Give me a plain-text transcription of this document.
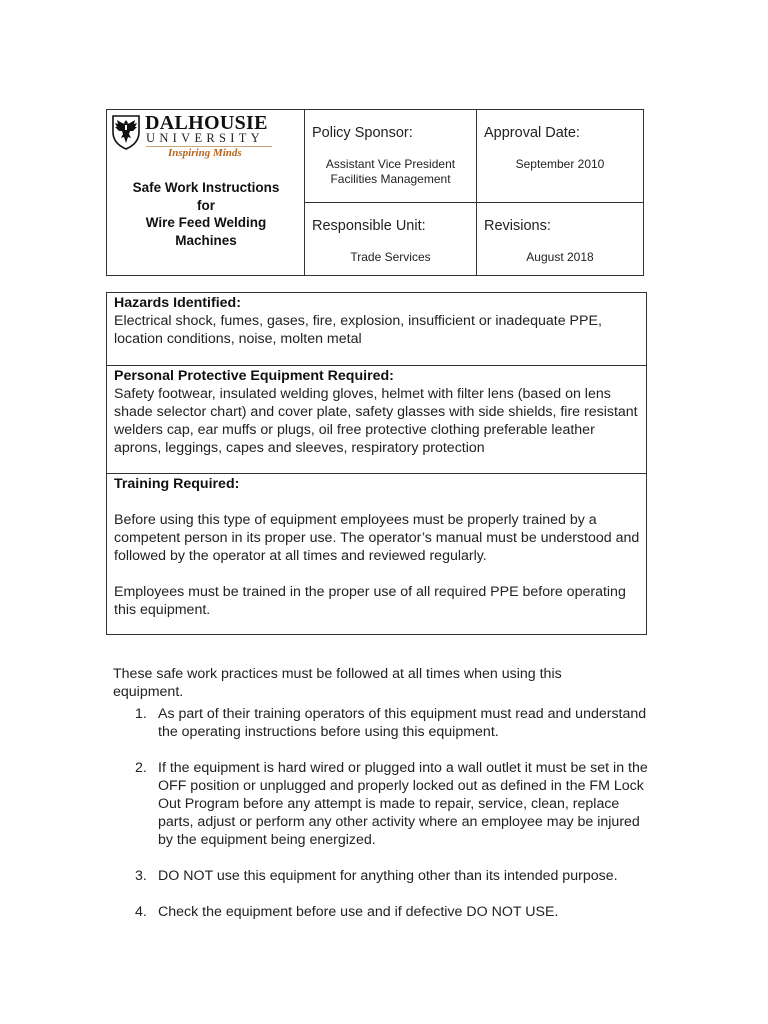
DALHOUSIE
UNIVERSITY
Inspiring Minds
Safe Work Instructions
for
Wire Feed Welding
Machines
Policy Sponsor:
Assistant Vice President
Facilities Management
Approval Date:
September 2010
Responsible Unit:
Trade Services
Revisions:
August 2018
Hazards Identified:

Electrical shock, fumes, gases, fire, explosion, insufficient or inadequate PPE, location conditions, noise, molten metal

Personal Protective Equipment Required:

Safety footwear, insulated welding gloves, helmet with filter lens (based on lens shade selector chart) and cover plate, safety glasses with side shields, fire resistant welders cap, ear muffs or plugs, oil free protective clothing preferable leather aprons, leggings, capes and sleeves, respiratory protection

Training Required:

Before using this type of equipment employees must be properly trained by a competent person in its proper use. The operator’s manual must be understood and followed by the operator at all times and reviewed regularly.

Employees must be trained in the proper use of all required PPE before operating this equipment.

These safe work practices must be followed at all times when using this equipment.

1. As part of their training operators of this equipment must read and understand the operating instructions before using this equipment.
2. If the equipment is hard wired or plugged into a wall outlet it must be set in the OFF position or unplugged and properly locked out as defined in the FM Lock Out Program before any attempt is made to repair, service, clean, replace parts, adjust or perform any other activity where an employee may be injured by the equipment being energized.
3. DO NOT use this equipment for anything other than its intended purpose.
4. Check the equipment before use and if defective DO NOT USE.
